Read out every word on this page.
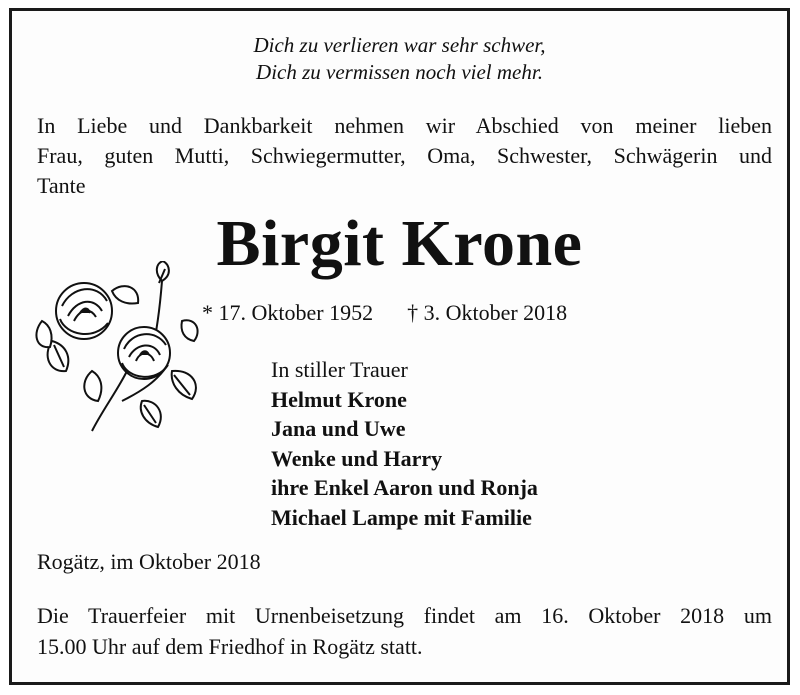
Dich zu verlieren war sehr schwer,
Dich zu vermissen noch viel mehr.
In Liebe und Dankbarkeit nehmen wir Abschied von meiner lieben
Frau, guten Mutti, Schwiegermutter, Oma, Schwester, Schwägerin und
Tante
Birgit Krone
* 17. Oktober 1952 † 3. Oktober 2018
In stiller Trauer
Helmut Krone
Jana und Uwe
Wenke und Harry
ihre Enkel Aaron und Ronja
Michael Lampe mit Familie
Rogätz, im Oktober 2018
Die Trauerfeier mit Urnenbeisetzung findet am 16. Oktober 2018 um
15.00 Uhr auf dem Friedhof in Rogätz statt.
